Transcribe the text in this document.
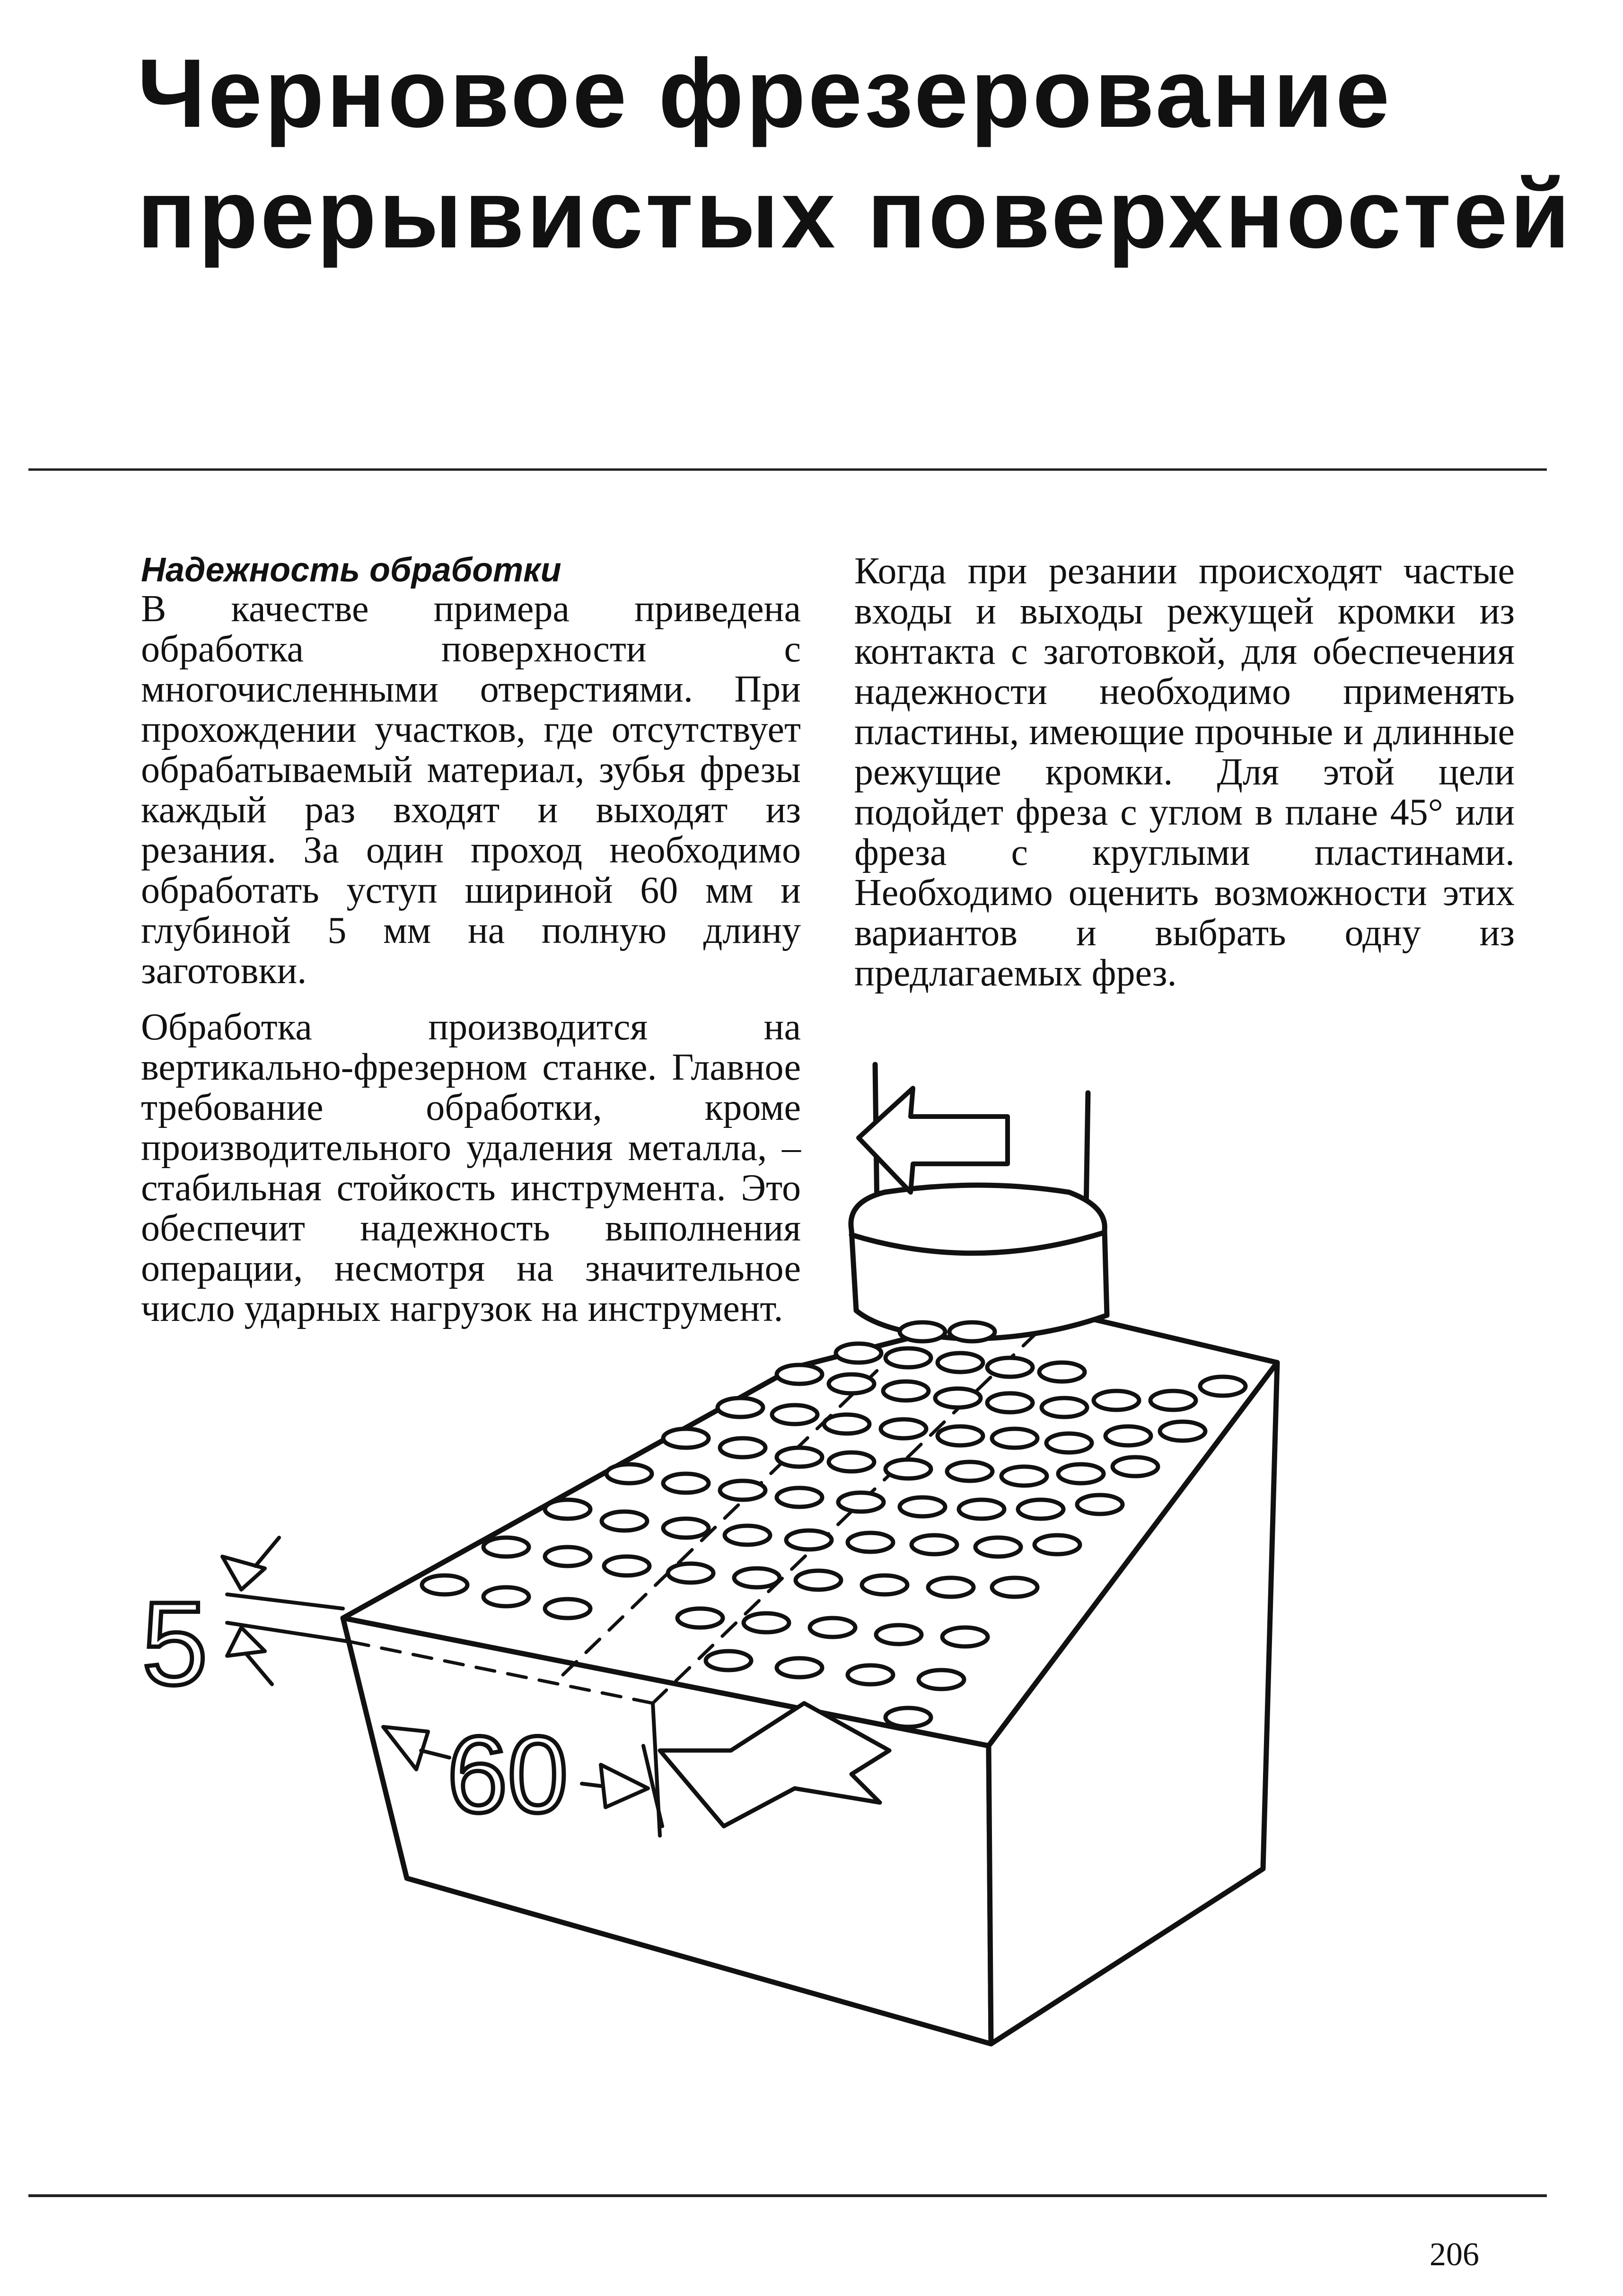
Черновое фрезерование
прерывистых поверхностей

Надежность обработки

В качестве примера приведена обработка поверхности с многочисленными отверстиями. При прохождении участков, где отсутствует обрабатываемый материал, зубья фрезы каждый раз входят и выходят из резания. За один проход необходимо обработать уступ шириной 60 мм и глубиной 5 мм на полную длину заготовки.

Обработка производится на вертикально-фрезерном станке. Главное требование обработки, кроме производительного удаления металла, – стабильная стойкость инструмента. Это обеспечит надежность выполнения операции, несмотря на значительное число ударных нагрузок на инструмент.

Когда при резании происходят частые входы и выходы режущей кромки из контакта с заготовкой, для обеспечения надежности необходимо применять пластины, имеющие прочные и длинные режущие кромки. Для этой цели подойдет фреза с углом в плане 45° или фреза с круглыми пластинами. Необходимо оценить возможности этих вариантов и выбрать одну из предлагаемых фрез.

5
60
206
